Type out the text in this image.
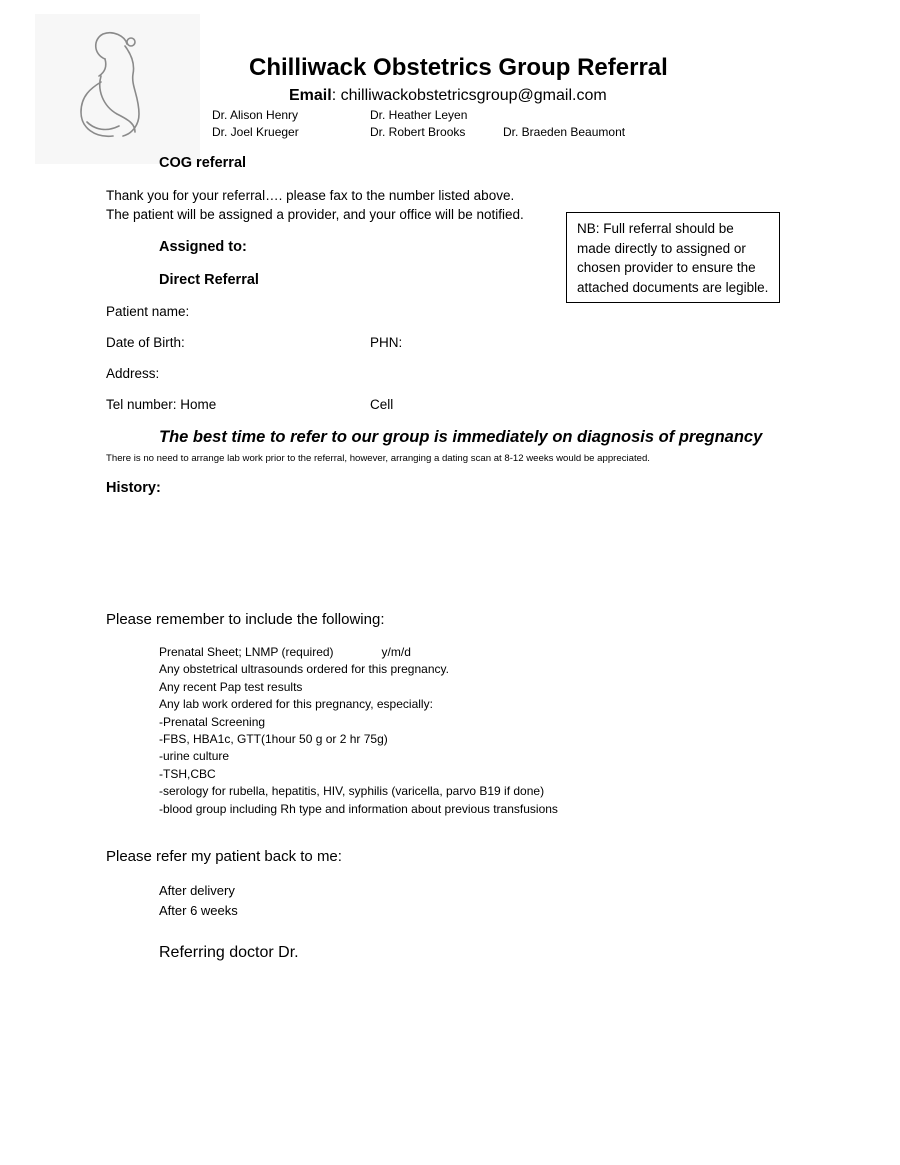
Chilliwack Obstetrics Group Referral
Email: chilliwackobstetricsgroup@gmail.com
Dr. Alison Henry	Dr. Heather Leyen
Dr. Joel Krueger	Dr. Robert Brooks	Dr. Braeden Beaumont
COG referral
Thank you for your referral…. please fax to the number listed above.
The patient will be assigned a provider, and your office will be notified.
NB: Full referral should be made directly to assigned or chosen provider to ensure the attached documents are legible.
Assigned to:
Direct Referral
Patient name:
Date of Birth:	PHN:
Address:
Tel number: Home	Cell
The best time to refer to our group is immediately on diagnosis of pregnancy
There is no need to arrange lab work prior to the referral, however, arranging a dating scan at 8-12 weeks would be appreciated.
History:
Please remember to include the following:
Prenatal Sheet; LNMP (required)	y/m/d
Any obstetrical ultrasounds ordered for this pregnancy.
Any recent Pap test results
Any lab work ordered for this pregnancy, especially:
-Prenatal Screening
-FBS, HBA1c, GTT(1hour 50 g or 2 hr 75g)
-urine culture
-TSH,CBC
-serology for rubella, hepatitis, HIV, syphilis (varicella, parvo B19 if done)
-blood group including Rh type and information about previous transfusions
Please refer my patient back to me:
After delivery
After 6 weeks
Referring doctor Dr.
